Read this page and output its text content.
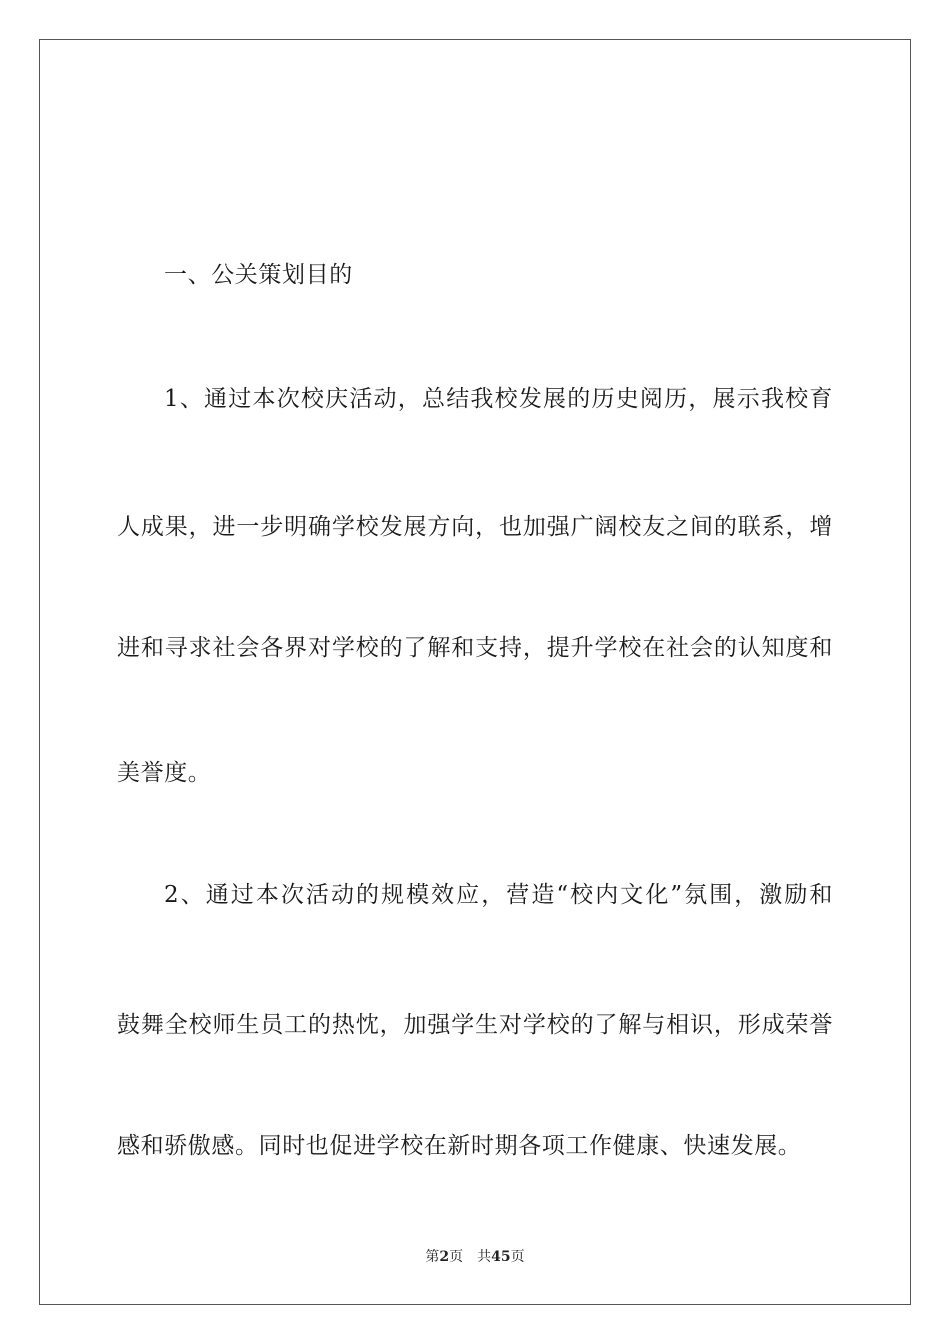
一、公关策划目的
1、通过本次校庆活动，总结我校发展的历史阅历，展示我校育
人成果，进一步明确学校发展方向，也加强广阔校友之间的联系，增
进和寻求社会各界对学校的了解和支持，提升学校在社会的认知度和
美誉度。
2、通过本次活动的规模效应，营造“校内文化”氛围，激励和
鼓舞全校师生员工的热忱，加强学生对学校的了解与相识，形成荣誉
感和骄傲感。同时也促进学校在新时期各项工作健康、快速发展。
第2页 共45页
